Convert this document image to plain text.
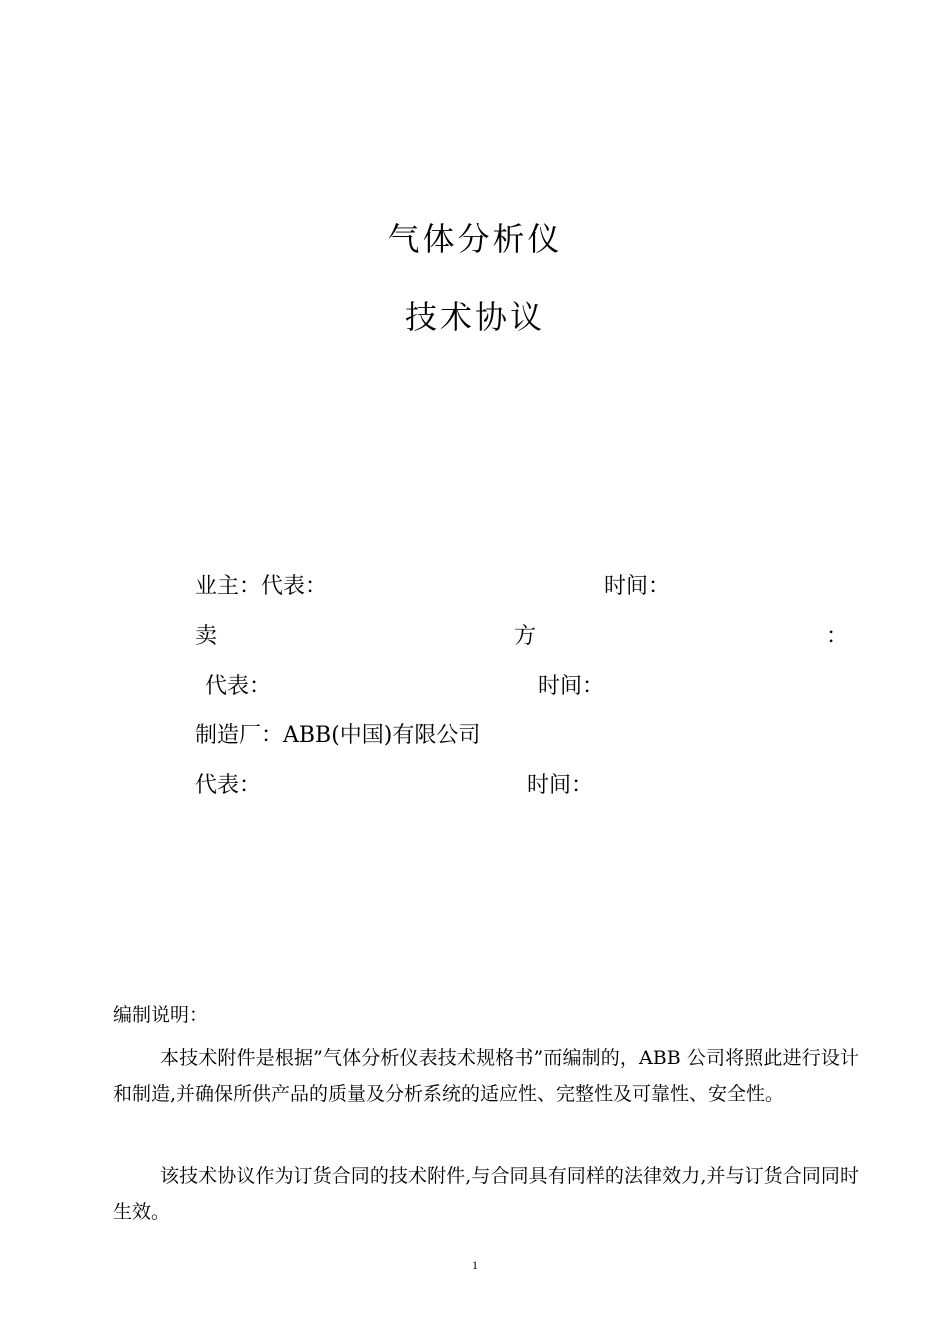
气体分析仪
技术协议
业主：代表：	时间：
卖	方	：
代表：	时间：
制造厂：ABB(中国)有限公司
代表：	时间：
编制说明：
本技术附件是根据”气体分析仪表技术规格书”而编制的，ABB 公司将照此进行设计和制造,并确保所供产品的质量及分析系统的适应性、完整性及可靠性、安全性。
该技术协议作为订货合同的技术附件,与合同具有同样的法律效力,并与订货合同同时生效。
1
